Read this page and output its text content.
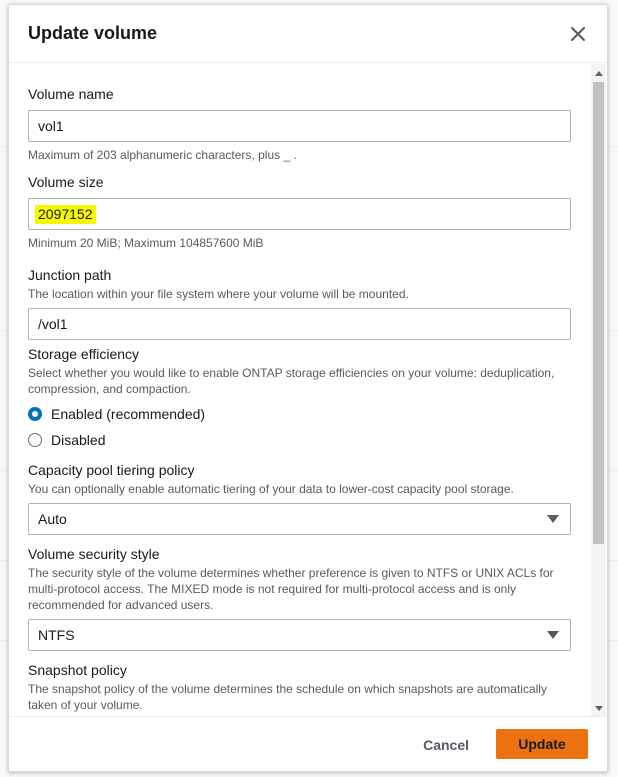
Update volume
Volume name
vol1
Maximum of 203 alphanumeric characters, plus _ .
Volume size
2097152
Minimum 20 MiB; Maximum 104857600 MiB
Junction path
The location within your file system where your volume will be mounted.
/vol1
Storage efficiency
Select whether you would like to enable ONTAP storage efficiencies on your volume: deduplication, compression, and compaction.
Enabled (recommended)
Disabled
Capacity pool tiering policy
You can optionally enable automatic tiering of your data to lower-cost capacity pool storage.
Auto
Volume security style
The security style of the volume determines whether preference is given to NTFS or UNIX ACLs for multi-protocol access. The MIXED mode is not required for multi-protocol access and is only recommended for advanced users.
NTFS
Snapshot policy
The snapshot policy of the volume determines the schedule on which snapshots are automatically taken of your volume.
Cancel	Update
